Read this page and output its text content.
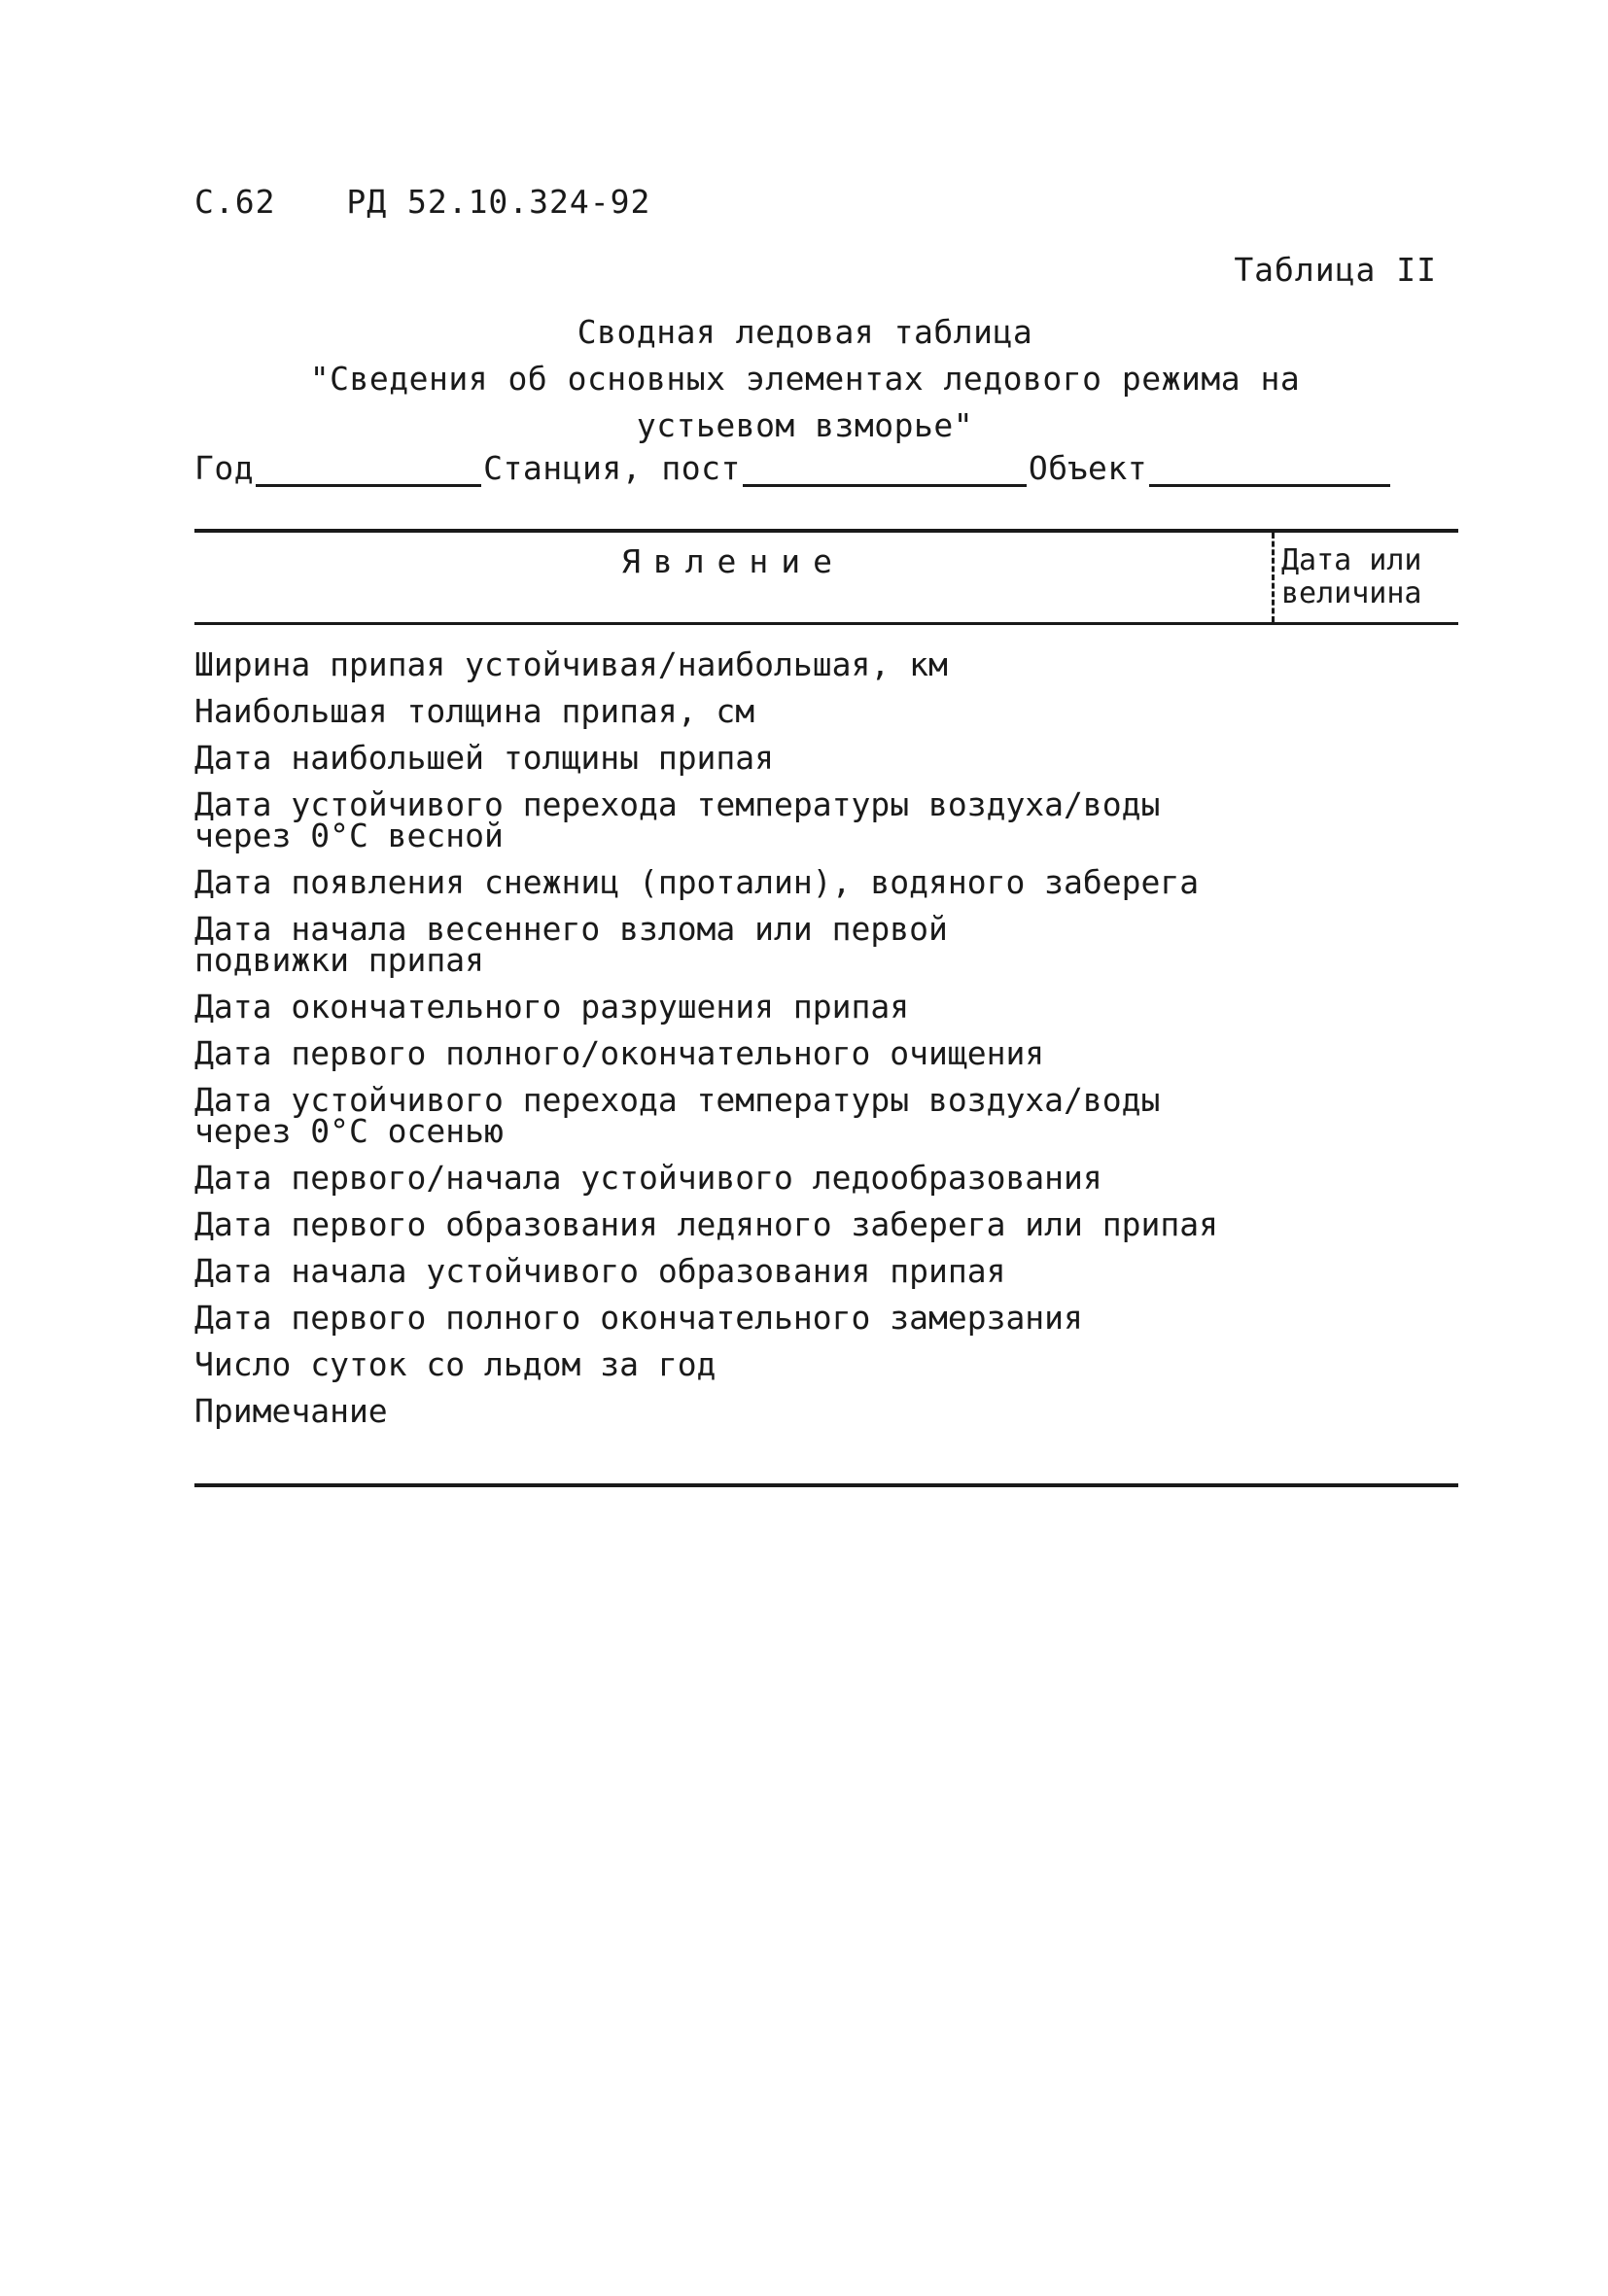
С.62 РД 52.10.324-92
Таблица II
Сводная ледовая таблица
"Сведения об основных элементах ледового режима на
устьевом взморье"
Год	Станция, пост	Объект
Явление	Дата или
величина
Ширина припая устойчивая/наибольшая, км
Наибольшая толщина припая, см
Дата наибольшей толщины припая
Дата устойчивого перехода температуры воздуха/воды
через 0°С весной
Дата появления снежниц (проталин), водяного заберега
Дата начала весеннего взлома или первой
подвижки припая
Дата окончательного разрушения припая
Дата первого полного/окончательного очищения
Дата устойчивого перехода температуры воздуха/воды
через 0°С осенью
Дата первого/начала устойчивого ледообразования
Дата первого образования ледяного заберега или припая
Дата начала устойчивого образования припая
Дата первого полного окончательного замерзания
Число суток со льдом за год
Примечание
